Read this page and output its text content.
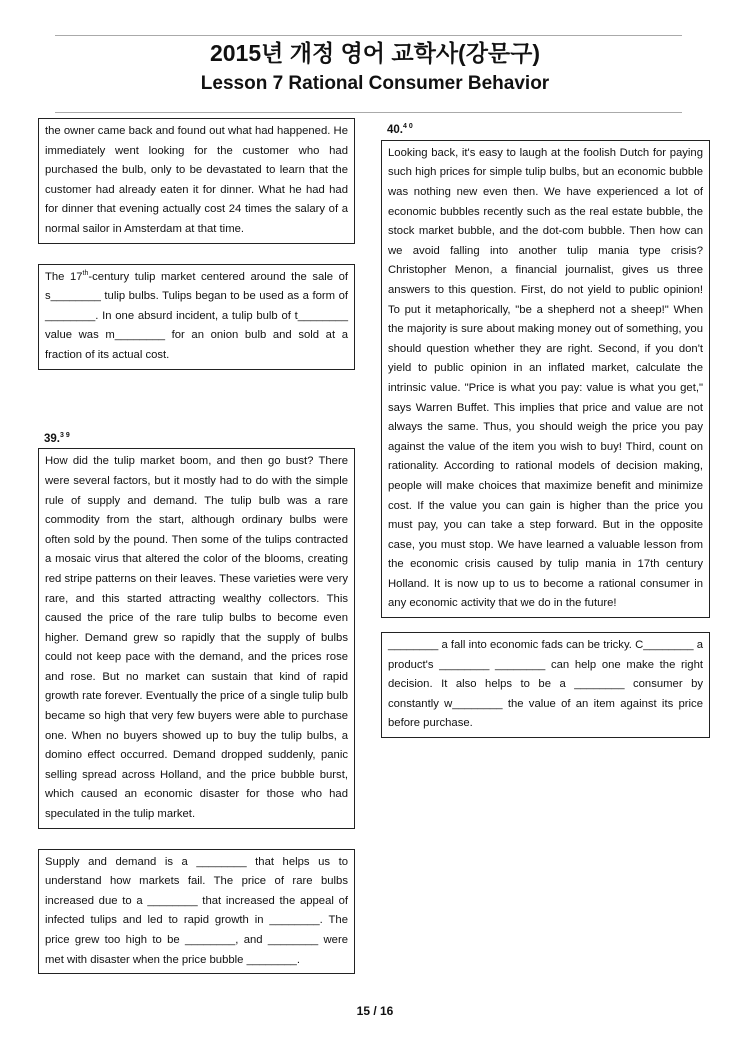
2015년 개정 영어 교학사(강문구)
Lesson 7 Rational Consumer Behavior
the owner came back and found out what had happened. He immediately went looking for the customer who had purchased the bulb, only to be devastated to learn that the customer had already eaten it for dinner. What he had had for dinner that evening actually cost 24 times the salary of a normal sailor in Amsterdam at that time.
The 17th-century tulip market centered around the sale of s________ tulip bulbs. Tulips began to be used as a form of ________. In one absurd incident, a tulip bulb of t________ value was m________ for an onion bulb and sold at a fraction of its actual cost.
39.39
How did the tulip market boom, and then go bust? There were several factors, but it mostly had to do with the simple rule of supply and demand. The tulip bulb was a rare commodity from the start, although ordinary bulbs were often sold by the pound. Then some of the tulips contracted a mosaic virus that altered the color of the blooms, creating red stripe patterns on their leaves. These varieties were very rare, and this started attracting wealthy collectors. This caused the price of the rare tulip bulbs to become even higher. Demand grew so rapidly that the supply of bulbs could not keep pace with the demand, and the prices rose and rose. But no market can sustain that kind of rapid growth rate forever. Eventually the price of a single tulip bulb became so high that very few buyers were able to purchase one. When no buyers showed up to buy the tulip bulbs, a domino effect occurred. Demand dropped suddenly, panic selling spread across Holland, and the price bubble burst, which caused an economic disaster for those who had speculated in the tulip market.
Supply and demand is a ________ that helps us to understand how markets fail. The price of rare bulbs increased due to a ________ that increased the appeal of infected tulips and led to rapid growth in ________. The price grew too high to be ________, and ________ were met with disaster when the price bubble ________.
40.40
Looking back, it's easy to laugh at the foolish Dutch for paying such high prices for simple tulip bulbs, but an economic bubble was nothing new even then. We have experienced a lot of economic bubbles recently such as the real estate bubble, the stock market bubble, and the dot-com bubble. Then how can we avoid falling into another tulip mania type crisis? Christopher Menon, a financial journalist, gives us three answers to this question. First, do not yield to public opinion! To put it metaphorically, "be a shepherd not a sheep!" When the majority is sure about making money out of something, you should question whether they are right. Second, if you don't yield to public opinion in an inflated market, calculate the intrinsic value. "Price is what you pay: value is what you get," says Warren Buffet. This implies that price and value are not always the same. Thus, you should weigh the price you pay against the value of the item you wish to buy! Third, count on rationality. According to rational models of decision making, people will make choices that maximize benefit and minimize cost. If the value you can gain is higher than the price you must pay, you can take a step forward. But in the opposite case, you must stop. We have learned a valuable lesson from the economic crisis caused by tulip mania in 17th century Holland. It is now up to us to become a rational consumer in any economic activity that we do in the future!
________ a fall into economic fads can be tricky. C________ a product's ________ ________ can help one make the right decision. It also helps to be a ________ consumer by constantly w________ the value of an item against its price before purchase.
15 / 16
